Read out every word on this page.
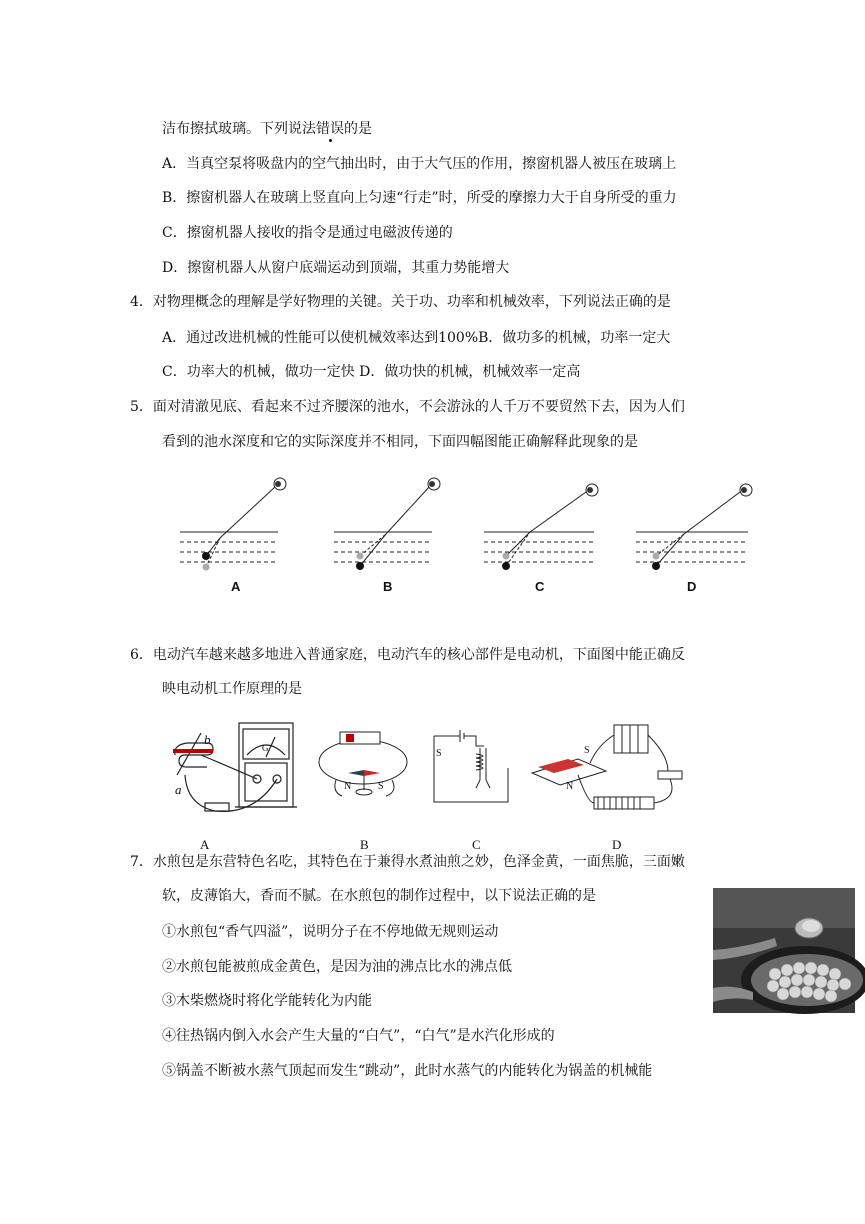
洁布擦拭玻璃。下列说法错误的是
A．当真空泵将吸盘内的空气抽出时，由于大气压的作用，擦窗机器人被压在玻璃上
B．擦窗机器人在玻璃上竖直向上匀速“行走”时，所受的摩擦力大于自身所受的重力
C．擦窗机器人接收的指令是通过电磁波传递的
D．擦窗机器人从窗户底端运动到顶端，其重力势能增大
4．对物理概念的理解是学好物理的关键。关于功、功率和机械效率，下列说法正确的是
A．通过改进机械的性能可以使机械效率达到100%B．做功多的机械，功率一定大
C．功率大的机械，做功一定快 D．做功快的机械，机械效率一定高
5．面对清澈见底、看起来不过齐腰深的池水，不会游泳的人千万不要贸然下去，因为人们
看到的池水深度和它的实际深度并不相同，下面四幅图能正确解释此现象的是
A	B	C	D
6．电动汽车越来越多地进入普通家庭，电动汽车的核心部件是电动机，下面图中能正确反
映电动机工作原理的是
b
a
G
A
N	S
B
S
C
S
N
D
7．水煎包是东营特色名吃，其特色在于兼得水煮油煎之妙，色泽金黄，一面焦脆，三面嫩
软，皮薄馅大，香而不腻。在水煎包的制作过程中，以下说法正确的是
①水煎包“香气四溢”，说明分子在不停地做无规则运动
②水煎包能被煎成金黄色，是因为油的沸点比水的沸点低
③木柴燃烧时将化学能转化为内能
④往热锅内倒入水会产生大量的“白气”，“白气”是水汽化形成的
⑤锅盖不断被水蒸气顶起而发生“跳动”，此时水蒸气的内能转化为锅盖的机械能
